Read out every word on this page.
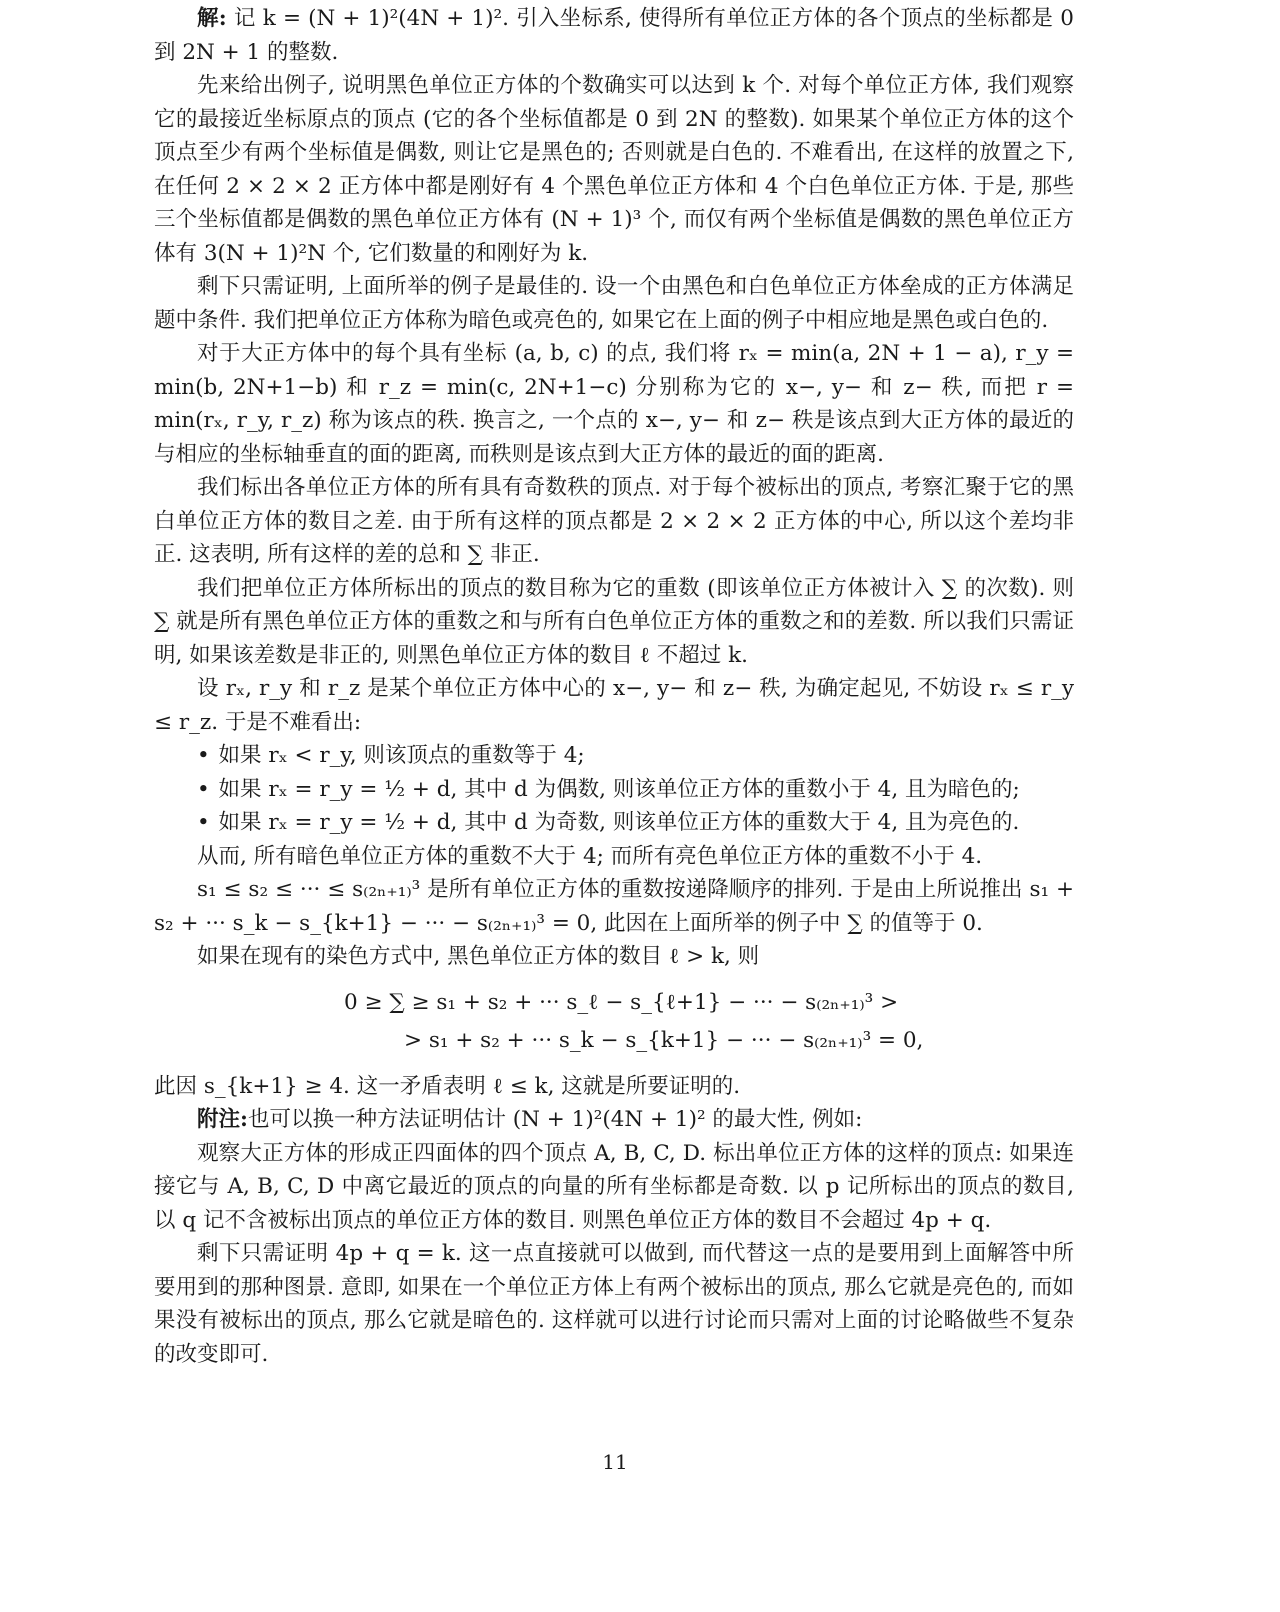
解: 记 k = (N + 1)²(4N + 1)². 引入坐标系, 使得所有单位正方体的各个顶点的坐标都是 0 到 2N + 1 的整数.

先来给出例子, 说明黑色单位正方体的个数确实可以达到 k 个. 对每个单位正方体, 我们观察它的最接近坐标原点的顶点 (它的各个坐标值都是 0 到 2N 的整数). 如果某个单位正方体的这个顶点至少有两个坐标值是偶数, 则让它是黑色的; 否则就是白色的. 不难看出, 在这样的放置之下, 在任何 2 × 2 × 2 正方体中都是刚好有 4 个黑色单位正方体和 4 个白色单位正方体. 于是, 那些三个坐标值都是偶数的黑色单位正方体有 (N + 1)³ 个, 而仅有两个坐标值是偶数的黑色单位正方体有 3(N + 1)²N 个, 它们数量的和刚好为 k.

剩下只需证明, 上面所举的例子是最佳的. 设一个由黑色和白色单位正方体垒成的正方体满足题中条件. 我们把单位正方体称为暗色或亮色的, 如果它在上面的例子中相应地是黑色或白色的.

对于大正方体中的每个具有坐标 (a, b, c) 的点, 我们将 rₓ = min(a, 2N + 1 − a), r_y = min(b, 2N+1−b) 和 r_z = min(c, 2N+1−c) 分别称为它的 x−, y− 和 z− 秩, 而把 r = min(rₓ, r_y, r_z) 称为该点的秩. 换言之, 一个点的 x−, y− 和 z− 秩是该点到大正方体的最近的与相应的坐标轴垂直的面的距离, 而秩则是该点到大正方体的最近的面的距离.

我们标出各单位正方体的所有具有奇数秩的顶点. 对于每个被标出的顶点, 考察汇聚于它的黑白单位正方体的数目之差. 由于所有这样的顶点都是 2 × 2 × 2 正方体的中心, 所以这个差均非正. 这表明, 所有这样的差的总和 ∑ 非正.

我们把单位正方体所标出的顶点的数目称为它的重数 (即该单位正方体被计入 ∑ 的次数). 则 ∑ 就是所有黑色单位正方体的重数之和与所有白色单位正方体的重数之和的差数. 所以我们只需证明, 如果该差数是非正的, 则黑色单位正方体的数目 ℓ 不超过 k.

设 rₓ, r_y 和 r_z 是某个单位正方体中心的 x−, y− 和 z− 秩, 为确定起见, 不妨设 rₓ ≤ r_y ≤ r_z. 于是不难看出:

• 如果 rₓ < r_y, 则该顶点的重数等于 4;
• 如果 rₓ = r_y = ½ + d, 其中 d 为偶数, 则该单位正方体的重数小于 4, 且为暗色的;
• 如果 rₓ = r_y = ½ + d, 其中 d 为奇数, 则该单位正方体的重数大于 4, 且为亮色的.

从而, 所有暗色单位正方体的重数不大于 4; 而所有亮色单位正方体的重数不小于 4.

s₁ ≤ s₂ ≤ ··· ≤ s₍₂ₙ₊₁₎³ 是所有单位正方体的重数按递降顺序的排列. 于是由上所说推出 s₁ + s₂ + ··· s_k − s_{k+1} − ··· − s₍₂ₙ₊₁₎³ = 0, 此因在上面所举的例子中 ∑ 的值等于 0.

如果在现有的染色方式中, 黑色单位正方体的数目 ℓ > k, 则

0 ≥ ∑ ≥ s₁ + s₂ + ··· s_ℓ − s_{ℓ+1} − ··· − s₍₂ₙ₊₁₎³ >
> s₁ + s₂ + ··· s_k − s_{k+1} − ··· − s₍₂ₙ₊₁₎³ = 0,

此因 s_{k+1} ≥ 4. 这一矛盾表明 ℓ ≤ k, 这就是所要证明的.

附注:也可以换一种方法证明估计 (N + 1)²(4N + 1)² 的最大性, 例如:

观察大正方体的形成正四面体的四个顶点 A, B, C, D. 标出单位正方体的这样的顶点: 如果连接它与 A, B, C, D 中离它最近的顶点的向量的所有坐标都是奇数. 以 p 记所标出的顶点的数目, 以 q 记不含被标出顶点的单位正方体的数目. 则黑色单位正方体的数目不会超过 4p + q.

剩下只需证明 4p + q = k. 这一点直接就可以做到, 而代替这一点的是要用到上面解答中所要用到的那种图景. 意即, 如果在一个单位正方体上有两个被标出的顶点, 那么它就是亮色的, 而如果没有被标出的顶点, 那么它就是暗色的. 这样就可以进行讨论而只需对上面的讨论略做些不复杂的改变即可.

11
